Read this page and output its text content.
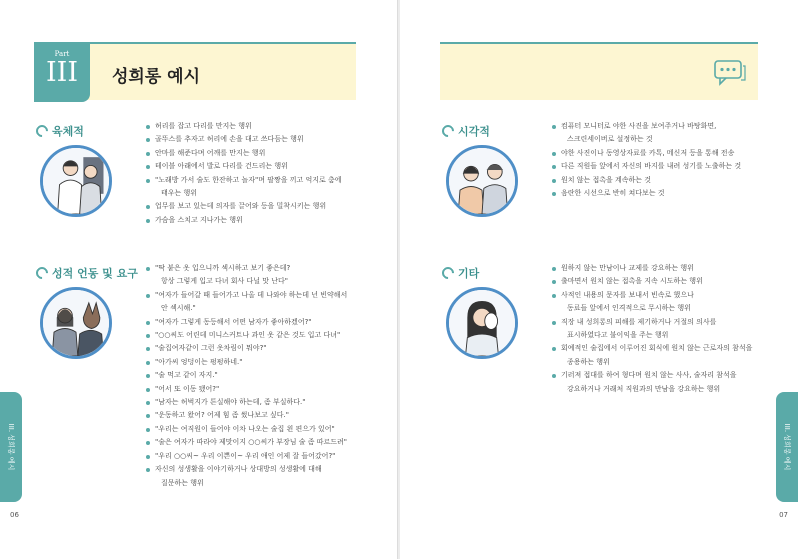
Part
III	성희롱 예시
육체적	허리를 잡고 다리를 만지는 행위
골뚜스를 추자고 허리에 손을 대고 쓰다듬는 행위
안마를 해준다며 어깨를 만지는 행위
테이블 아래에서 발로 다리를 건드리는 행위
"노래방 가서 술도 한잔하고 놀자"며 팔짱을 끼고 억지로 춤에
태우는 행위
업무를 보고 있는데 의자를 끌어와 등을 밀착시키는 행위
가슴을 스치고 지나가는 행위
성적 언동 및 요구	"딱 붙은 옷 입으니까 섹시하고 보기 좋은데?
항상 그렇게 입고 다녀 회사 다닐 맛 난다"
"여자가 들어갈 때 들어가고 나올 데 나와야 하는데 넌 빈약해서
안 섹시해."
"여자가 그렇게 동등해서 어떤 남자가 좋아하겠어?"
"○○씨도 어린데 미니스커트나 과인 옷 같은 것도 입고 다녀"
"술집여자같이 그런 옷차림이 뭐야?"
"아가씨 엉덩이는 펑펑하네."
"술 먹고 같이 자지."
"어서 또 이동 됐어?"
"남자는 허벅지가 튼실해야 하는데, 좀 부실하다."
"운동하고 왔어? 어제 힘 좀 썼나보고 싶다."
"우리는 여직원이 들어야 이차 나오는 술집 왼 편으가 있어"
"술은 여자가 따라야 제맛이지 ○○씨가 부장님 술 좀 따르드려"
"우리 ○○씨~ 우리 이쁜이~ 우리 애인 어제 잘 들어갔어?"
자신의 성생활을 이야기하거나 상대방의 성생활에 대해
질문하는 행위
III. 성희롱 예시
06
시각적	컴퓨터 모니터로 야한 사진을 보여주거나 바탕화면,
스크린세이버로 설정하는 것
야한 사진이나 동영상자료를 카톡, 메신저 등을 통해 전송
다른 직원들 앞에서 자신의 바지를 내려 성기를 노출하는 것
원치 않는 접촉을 계속하는 것
음란한 시선으로 반히 쳐다보는 것
기타	원하지 않는 만남이나 교제를 강요하는 행위
출마면서 원치 않는 접촉을 지속 시도하는 행위
사적인 내용의 문자를 보내서 빈속로 했으나
동료들 앞에서 인격적으로 무시하는 행위
직장 내 성희롱의 피해를 제기하거나 거절의 의사를
표시하였다고 불이익을 주는 행위
회예적인 술집에서 이루어진 회식에 원치 않는 근로자의 참석을
종용하는 행위
기러져 접대를 하여 형다며 원치 않는 사사, 술자리 참석을
강요하거나 거래처 직원과의 만남을 강요하는 행위
III. 성희롱 예시
07
